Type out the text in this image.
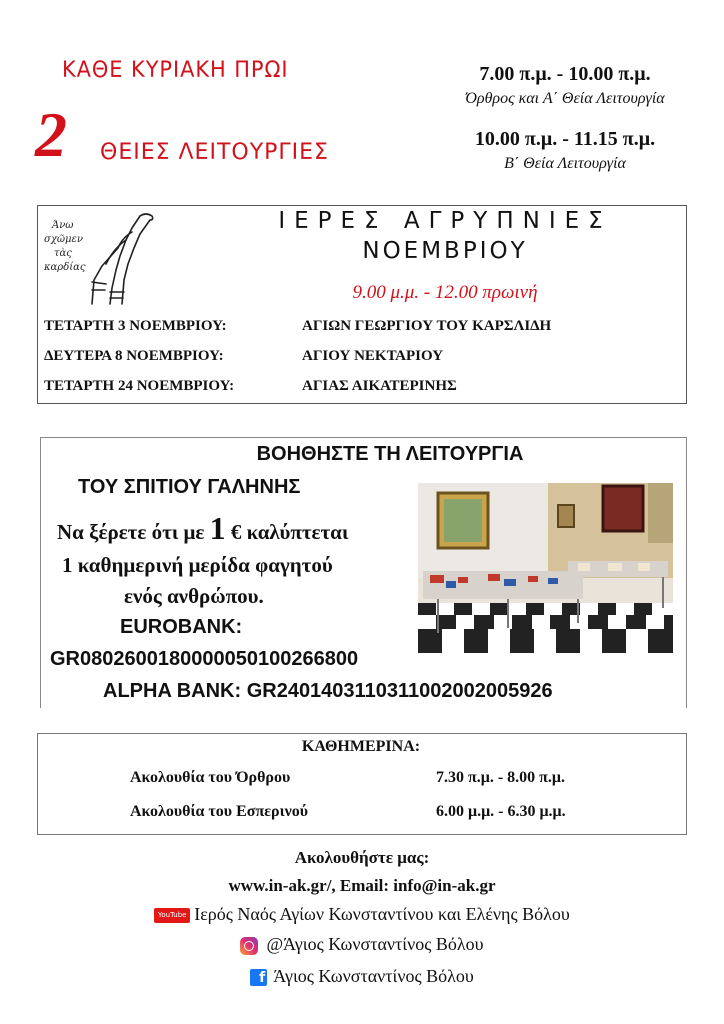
ΚΑΘΕ ΚΥΡΙΑΚΗ ΠΡΩΙ
2 ΘΕΙΕΣ ΛΕΙΤΟΥΡΓΙΕΣ
7.00 π.μ. - 10.00 π.μ.
Όρθρος και Α΄ Θεία Λειτουργία
10.00 π.μ. - 11.15 π.μ.
Β΄ Θεία Λειτουργία
Άνω
σχῶμεν
τὰς
καρδίας
ΙΕΡΕΣ ΑΓΡΥΠΝΙΕΣ
ΝΟΕΜΒΡΙΟΥ
9.00 μ.μ. - 12.00 πρωινή
ΤΕΤΑΡΤΗ 3 ΝΟΕΜΒΡΙΟΥ:	ΑΓΙΩΝ ΓΕΩΡΓΙΟΥ ΤΟΥ ΚΑΡΣΛΙΔΗ
ΔΕΥΤΕΡΑ 8 ΝΟΕΜΒΡΙΟΥ:	ΑΓΙΟΥ ΝΕΚΤΑΡΙΟΥ
ΤΕΤΑΡΤΗ 24 ΝΟΕΜΒΡΙΟΥ:	ΑΓΙΑΣ ΑΙΚΑΤΕΡΙΝΗΣ
ΒΟΗΘΗΣΤΕ ΤΗ ΛΕΙΤΟΥΡΓΙΑ
ΤΟΥ ΣΠΙΤΙΟΥ ΓΑΛΗΝΗΣ
Να ξέρετε ότι με 1 € καλύπτεται
1 καθημερινή μερίδα φαγητού
ενός ανθρώπου.
EUROBANK:
GR0802600180000050100266800
ALPHA BANK: GR2401403110311002002005926
ΚΑΘΗΜΕΡΙΝΑ:
Ακολουθία του Όρθρου	7.30 π.μ. - 8.00 π.μ.
Ακολουθία του Εσπερινού	6.00 μ.μ. - 6.30 μ.μ.
Ακολουθήστε μας:
www.in-ak.gr/, Email: info@in-ak.gr
YouTube Ιερός Ναός Αγίων Κωνσταντίνου και Ελένης Βόλου
@Άγιος Κωνσταντίνος Βόλου
f Άγιος Κωνσταντίνος Βόλου
